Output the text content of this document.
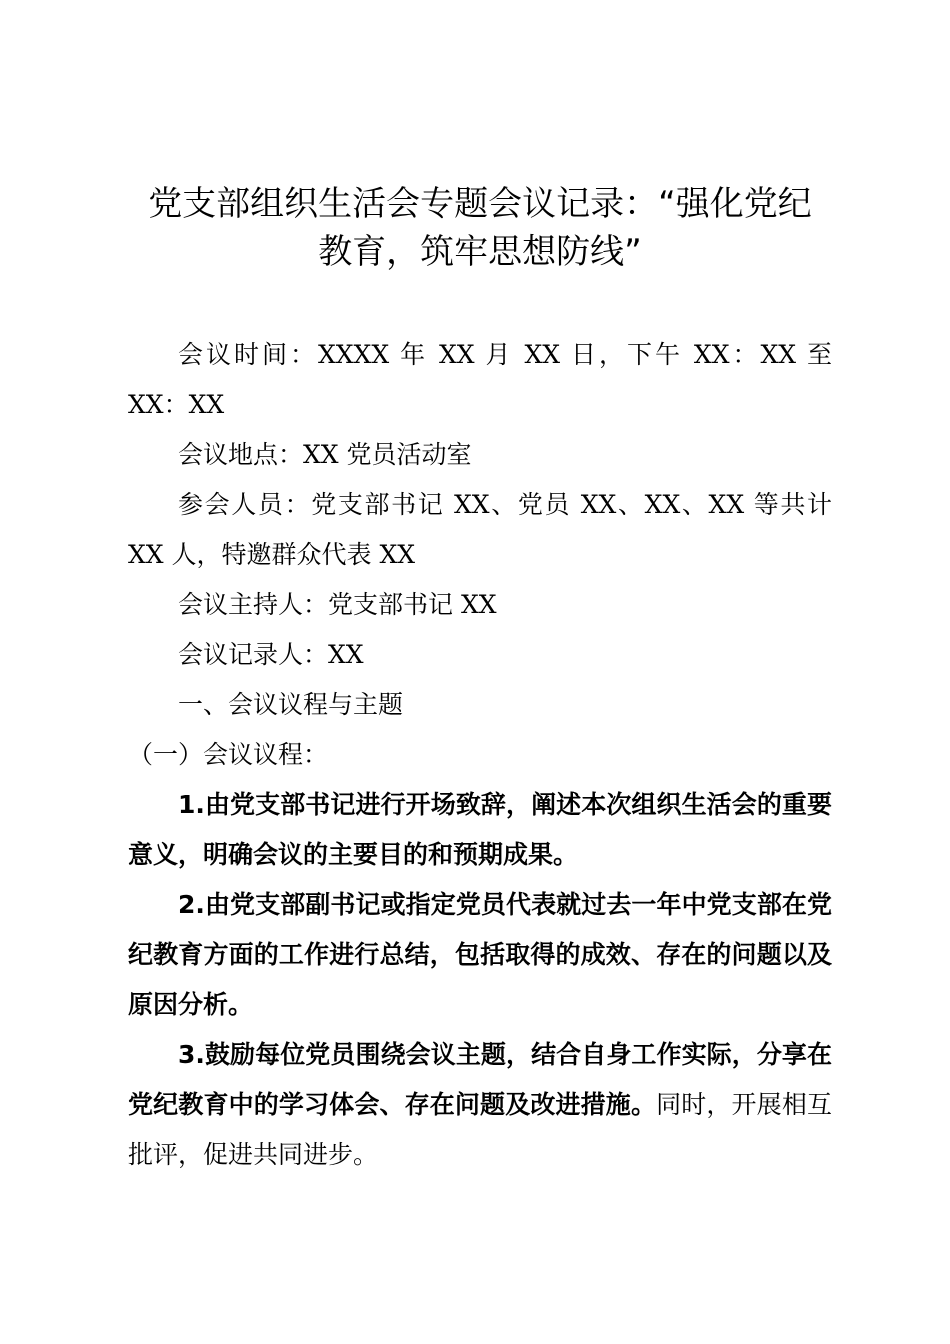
党支部组织生活会专题会议记录：“强化党纪
教育，筑牢思想防线”

会议时间：XXXX 年 XX 月 XX 日，下午 XX：XX 至 XX：XX

会议地点：XX 党员活动室

参会人员：党支部书记 XX、党员 XX、XX、XX 等共计 XX 人，特邀群众代表 XX

会议主持人：党支部书记 XX

会议记录人：XX

一、会议议程与主题

（一）会议议程：

1.由党支部书记进行开场致辞，阐述本次组织生活会的重要意义，明确会议的主要目的和预期成果。

2.由党支部副书记或指定党员代表就过去一年中党支部在党纪教育方面的工作进行总结，包括取得的成效、存在的问题以及原因分析。

3.鼓励每位党员围绕会议主题，结合自身工作实际，分享在党纪教育中的学习体会、存在问题及改进措施。同时，开展相互批评，促进共同进步。
